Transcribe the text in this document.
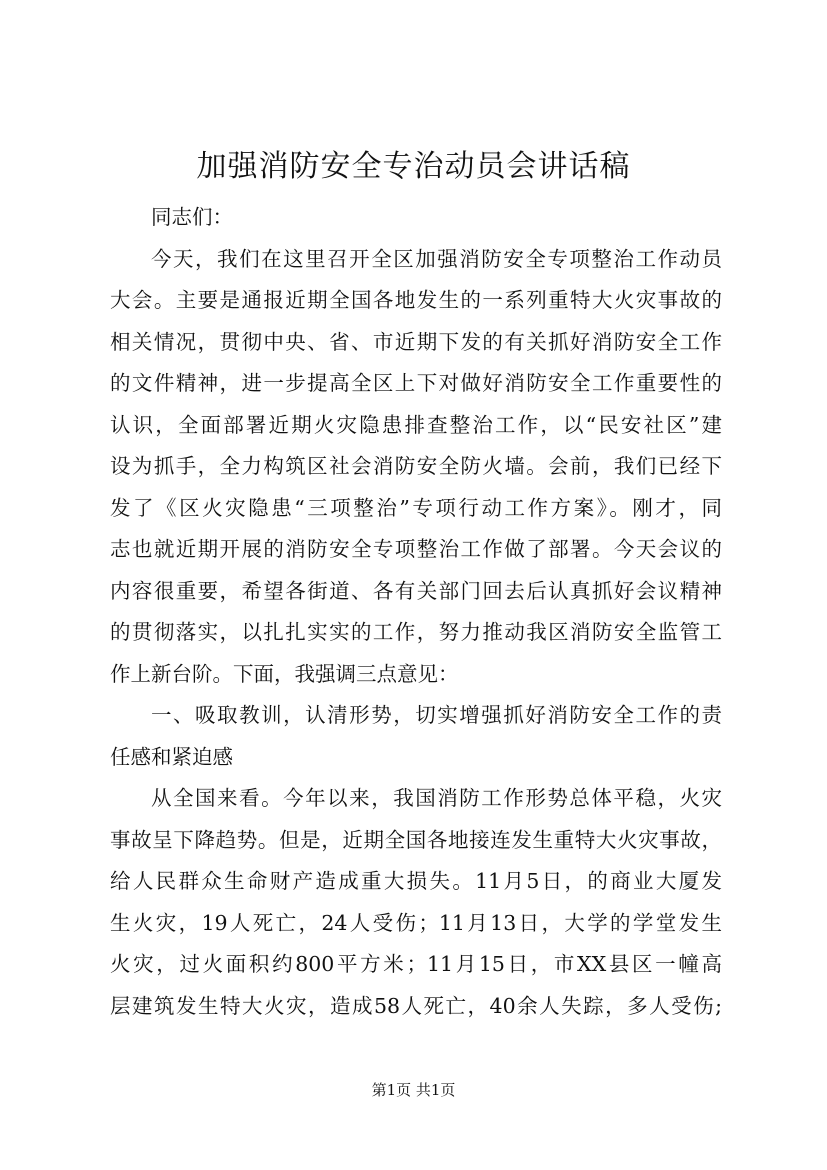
加强消防安全专治动员会讲话稿
同志们：
今天，我们在这里召开全区加强消防安全专项整治工作动员
大会。主要是通报近期全国各地发生的一系列重特大火灾事故的
相关情况，贯彻中央、省、市近期下发的有关抓好消防安全工作
的文件精神，进一步提高全区上下对做好消防安全工作重要性的
认识，全面部署近期火灾隐患排查整治工作，以“民安社区”建
设为抓手，全力构筑区社会消防安全防火墙。会前，我们已经下
发了《区火灾隐患“三项整治”专项行动工作方案》。刚才，同
志也就近期开展的消防安全专项整治工作做了部署。今天会议的
内容很重要，希望各街道、各有关部门回去后认真抓好会议精神
的贯彻落实，以扎扎实实的工作，努力推动我区消防安全监管工
作上新台阶。下面，我强调三点意见：
一、吸取教训，认清形势，切实增强抓好消防安全工作的责
任感和紧迫感
从全国来看。今年以来，我国消防工作形势总体平稳，火灾
事故呈下降趋势。但是，近期全国各地接连发生重特大火灾事故，
给人民群众生命财产造成重大损失。11月5日，的商业大厦发
生火灾，19人死亡，24人受伤；11月13日，大学的学堂发生
火灾，过火面积约800平方米；11月15日，市XX县区一幢高
层建筑发生特大火灾，造成58人死亡，40余人失踪，多人受伤;
第1页 共1页
